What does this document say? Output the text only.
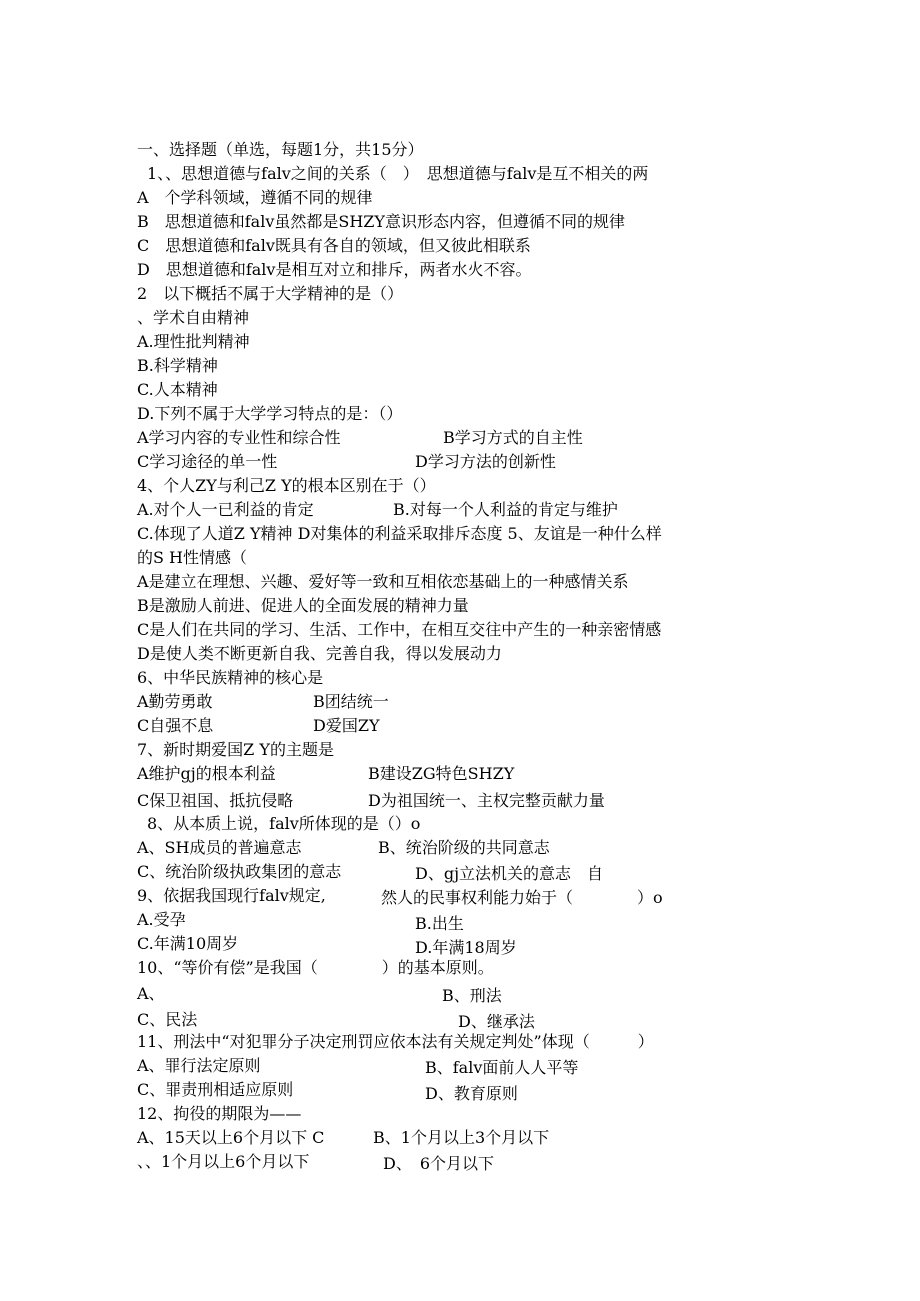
一、选择题（单选，每题1分，共15分）
1、、思想道德与falv之间的关系（　）　思想道德与falv是互不相关的两
A　个学科领域，遵循不同的规律
B　思想道德和falv虽然都是SHZY意识形态内容，但遵循不同的规律
C　思想道德和falv既具有各自的领域，但又彼此相联系
D　思想道德和falv是相互对立和排斥，两者水火不容。
2　以下概括不属于大学精神的是（）
、学术自由精神
A.理性批判精神
B.科学精神
C.人本精神
D.下列不属于大学学习特点的是：（）
A学习内容的专业性和综合性	B学习方式的自主性
C学习途径的单一性	D学习方法的创新性
4、个人ZY与利己Z Y的根本区别在于（）
A.对个人一已利益的肯定	B.对每一个人利益的肯定与维护
C.体现了人道Z Y精神 D对集体的利益采取排斥态度 5、友谊是一种什么样
的S H性情感（
A是建立在理想、兴趣、爱好等一致和互相依恋基础上的一种感情关系
B是激励人前进、促进人的全面发展的精神力量
C是人们在共同的学习、生活、工作中，在相互交往中产生的一种亲密情感
D是使人类不断更新自我、完善自我，得以发展动力
6、中华民族精神的核心是
A勤劳勇敢	B团结统一
C自强不息	D爱国ZY
7、新时期爱国Z Y的主题是
A维护gj的根本利益	B建设ZG特色SHZY
C保卫祖国、抵抗侵略	D为祖国统一、主权完整贡献力量
8、从本质上说，falv所体现的是（）o
A、SH成员的普遍意志	B、统治阶级的共同意志
C、统治阶级执政集团的意志	D、gj立法机关的意志　自
9、依据我国现行falv规定,	然人的民事权利能力始于（　　　　）o
A.受孕	B.出生
C.年满10周岁	D.年满18周岁
10、“等价有偿”是我国（　　　　）的基本原则。
A、	B、刑法
C、民法	D、继承法
11、刑法中“对犯罪分子决定刑罚应依本法有关规定判处”体现（　　　）
A、罪行法定原则	B、falv面前人人平等
C、罪责刑相适应原则	D、教育原则
12、拘役的期限为——
A、15天以上6个月以下 C	B、1个月以上3个月以下
、、1个月以上6个月以下	D、　6个月以下
